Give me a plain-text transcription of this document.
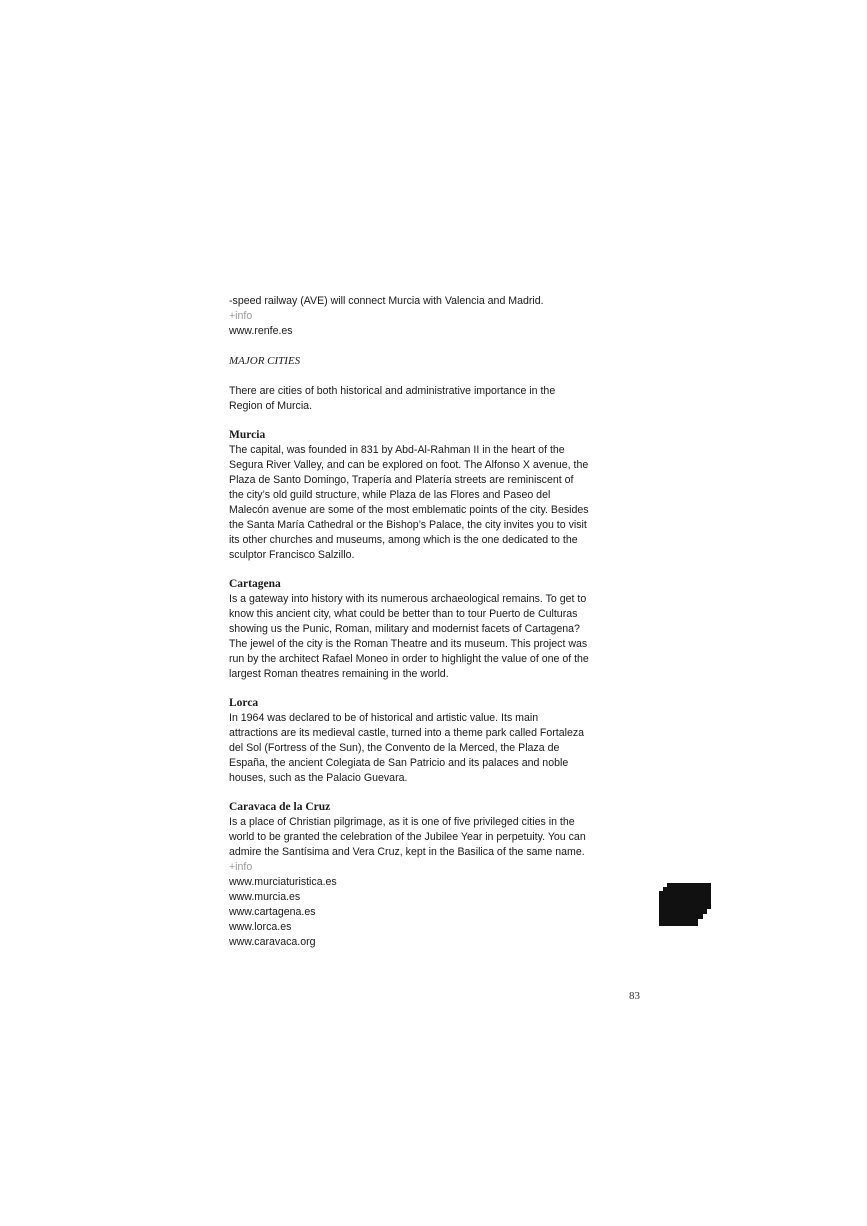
-speed railway (AVE) will connect Murcia with Valencia and Madrid.

+info

www.renfe.es

MAJOR CITIES

There are cities of both historical and administrative importance in the Region of Murcia.

Murcia

The capital, was founded in 831 by Abd-Al-Rahman II in the heart of the Segura River Valley, and can be explored on foot. The Alfonso X avenue, the Plaza de Santo Domingo, Trapería and Platería streets are reminiscent of the city’s old guild structure, while Plaza de las Flores and Paseo del Malecón avenue are some of the most emblematic points of the city. Besides the Santa María Cathedral or the Bishop’s Palace, the city invites you to visit its other churches and museums, among which is the one dedicated to the sculptor Francisco Salzillo.

Cartagena

Is a gateway into history with its numerous archaeological remains. To get to know this ancient city, what could be better than to tour Puerto de Culturas showing us the Punic, Roman, military and modernist facets of Cartagena? The jewel of the city is the Roman Theatre and its museum. This project was run by the architect Rafael Moneo in order to highlight the value of one of the largest Roman theatres remaining in the world.

Lorca

In 1964 was declared to be of historical and artistic value. Its main attractions are its medieval castle, turned into a theme park called Fortaleza del Sol (Fortress of the Sun), the Convento de la Merced, the Plaza de España, the ancient Colegiata de San Patricio and its palaces and noble houses, such as the Palacio Guevara.

Caravaca de la Cruz

Is a place of Christian pilgrimage, as it is one of five privileged cities in the world to be granted the celebration of the Jubilee Year in perpetuity. You can admire the Santísima and Vera Cruz, kept in the Basilica of the same name.

+info

www.murciaturistica.es

www.murcia.es

www.cartagena.es

www.lorca.es

www.caravaca.org

83
